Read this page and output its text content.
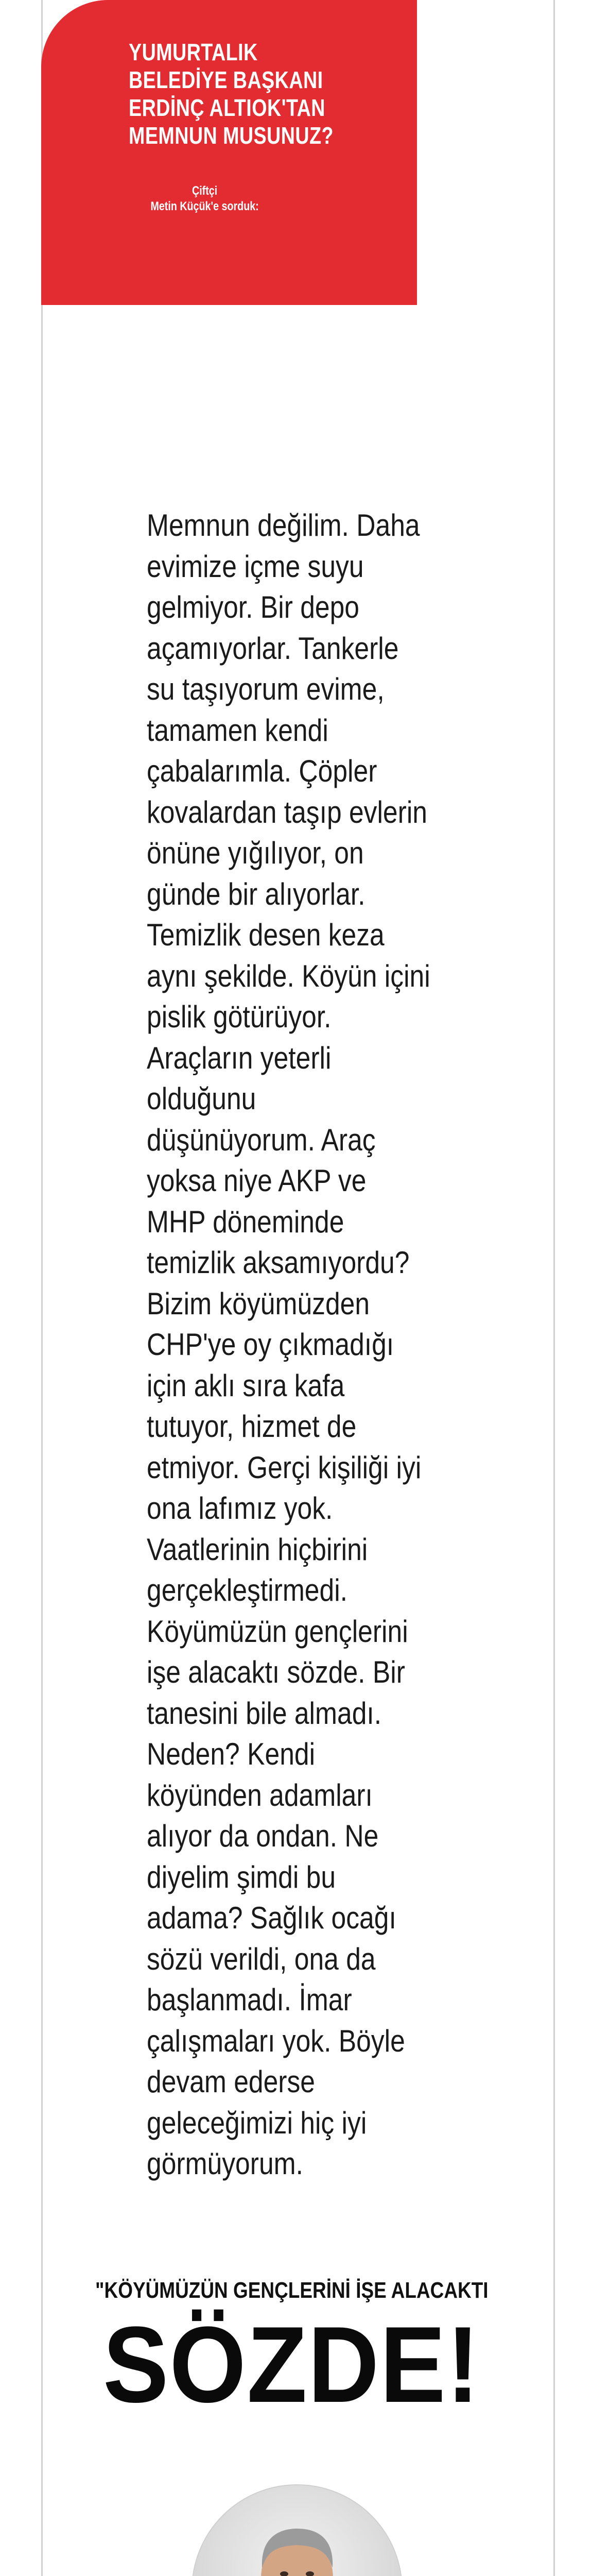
YUMURTALIK
BELEDİYE BAŞKANI
ERDİNÇ ALTIOK'TAN
MEMNUN MUSUNUZ?
Çiftçi
Metin Küçük'e sorduk:
Memnun değilim. Daha
evimize içme suyu
gelmiyor. Bir depo
açamıyorlar. Tankerle
su taşıyorum evime,
tamamen kendi
çabalarımla. Çöpler
kovalardan taşıp evlerin
önüne yığılıyor, on
günde bir alıyorlar.
Temizlik desen keza
aynı şekilde. Köyün içini
pislik götürüyor.
Araçların yeterli
olduğunu
düşünüyorum. Araç
yoksa niye AKP ve
MHP döneminde
temizlik aksamıyordu?
Bizim köyümüzden
CHP'ye oy çıkmadığı
için aklı sıra kafa
tutuyor, hizmet de
etmiyor. Gerçi kişiliği iyi
ona lafımız yok.
Vaatlerinin hiçbirini
gerçekleştirmedi.
Köyümüzün gençlerini
işe alacaktı sözde. Bir
tanesini bile almadı.
Neden? Kendi
köyünden adamları
alıyor da ondan. Ne
diyelim şimdi bu
adama? Sağlık ocağı
sözü verildi, ona da
başlanmadı. İmar
çalışmaları yok. Böyle
devam ederse
geleceğimizi hiç iyi
görmüyorum.
"KÖYÜMÜZÜN GENÇLERİNİ İŞE ALACAKTI
SÖZDE!
